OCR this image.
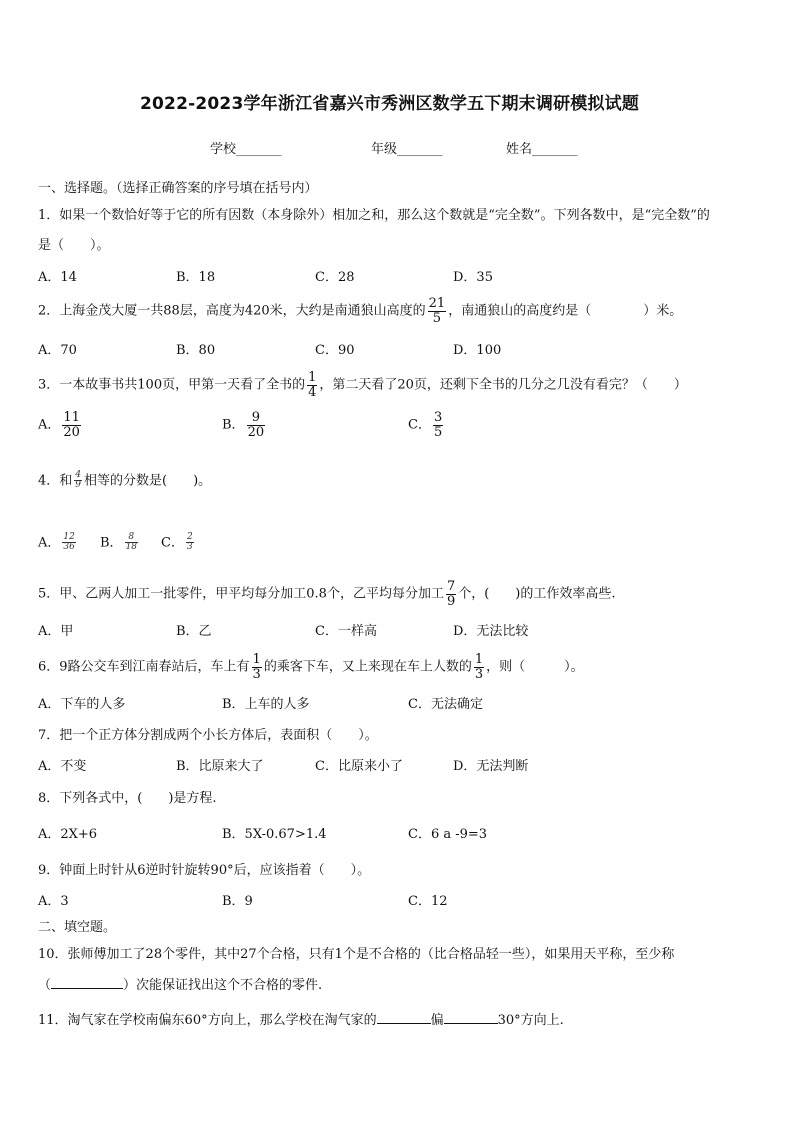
2022-2023学年浙江省嘉兴市秀洲区数学五下期末调研模拟试题
学校_______	年级_______	姓名_______
一、选择题。（选择正确答案的序号填在括号内）
1．如果一个数恰好等于它的所有因数（本身除外）相加之和，那么这个数就是“完全数”。下列各数中，是“完全数”的
是（　　）。
A．14	B．18	C．28	D．35
2．上海金茂大厦一共88层，高度为420米，大约是南通狼山高度的 $\frac{21}{5}$ ，南通狼山的高度约是（　　　　）米。
A．70	B．80	C．90	D．100
3．一本故事书共100页，甲第一天看了全书的 $\frac{1}{4}$ ，第二天看了20页，还剩下全书的几分之几没有看完？（　　）
A． $\frac{11}{20}$	B． $\frac{9}{20}$	C． $\frac{3}{5}$
4．和 $\frac{4}{9}$ 相等的分数是(　　)。
A． $\frac{12}{36}$ B． $\frac{8}{18}$ C． $\frac{2}{3}$
5．甲、乙两人加工一批零件，甲平均每分加工0.8个，乙平均每分加工 $\frac{7}{9}$ 个，(　　)的工作效率高些.
A．甲	B．乙	C．一样高	D．无法比较
6．9路公交车到江南春站后，车上有 $\frac{1}{3}$ 的乘客下车，又上来现在车上人数的 $\frac{1}{3}$ ，则（　　　）。
A．下车的人多	B．上车的人多	C．无法确定
7．把一个正方体分割成两个小长方体后，表面积（　　）。
A．不变	B．比原来大了	C．比原来小了	D．无法判断
8．下列各式中，(　　)是方程.
A．2X+6	B．5X-0.67>1.4	C．6 a -9=3
9．钟面上时针从6逆时针旋转90°后，应该指着（　　）。
A．3	B．9	C．12
二、填空题。
10．张师傅加工了28个零件，其中27个合格，只有1个是不合格的（比合格品轻一些），如果用天平称，至少称
（	）次能保证找出这个不合格的零件.
11．淘气家在学校南偏东60°方向上，那么学校在淘气家的	偏	30°方向上.
